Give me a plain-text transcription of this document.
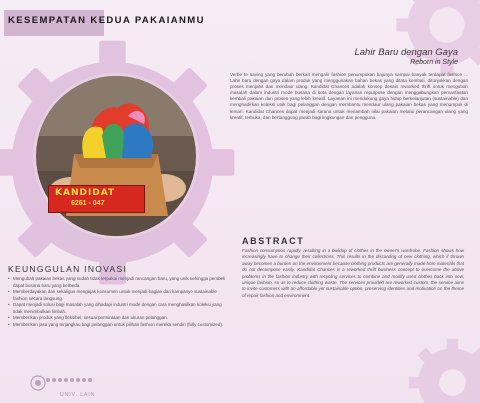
KESEMPATAN KEDUA PAKAIANMU
KANDIDAT
6261 - 047
Lahir Baru dengan Gaya
Reborn in Style
Verbe te saving yang berubah berkait mengalir fashion penumpukan bajunya sampai banyak terdapat fashion ... Lahir baru dengan gaya dalam produk yang menggunakan bahan bekas yang ditata kembali, ditunjukkan dengan proses menjahit dan mendaur ulang. Kandidat Chances adalah konsep desain reworked thrift untuk mengubah masalah dalam industri mode busana di kota dengan layanan repurpose dengan menggabungkan pemanfaatan kembali pakaian dan proses yang lebih kreatif. Layanan ini mendukung gaya hidup berkelanjutan (sustainable) dan menghadirkan koleksi unik bagi pelanggan dengan membantu mendaur ulang pakaian bekas yang menumpuk di lemari. Kandidat Chances dapat menjadi sarana untuk menambah nilai pakaian melalui perancangan ulang yang kreatif, terbuka, dan bertanggung jawab bagi lingkungan dan pengguna.
ABSTRACT
Fashion consumption rapidly, resulting in a buildup of clothes in the owner's wardrobe. Fashion shows how increasingly have to change their collections. This results in the discarding of new clothing, which if thrown away becomes a burden on the environment because clothing products are generally made from materials that do not decompose easily. Kandidat Chances is a reworked thrift business concept to overcome the above problems in the fashion industry with recycling services to combine and modify used clothes back into new, unique fashion, so as to reduce clothing waste. The services provided are reworked custom, the service aims to invite customers with an affordable yet sustainable option, preserving identities and motivation on the theme of repair fashion and environment.
KEUNGGULAN INOVASI
• Mengubah pakaian bekas yang sudah tidak terpakai menjadi rancangan baru, yang unik sehingga pembeli dapat busana baru yang berbeda.
• Memberdayakan dan sekaligus mengajak konsumen untuk menjadi bagian dari kampanye sustainable fashion secara langsung.
• Dapat menjadi solusi bagi masalah yang dihadapi industri mode dengan cara menghasilkan koleksi yang tidak menimbulkan limbah.
• Memberikan produk yang fleksibel, sesuai permintaan dan ukuran pelanggan.
• Memberikan jasa yang terjangkau bagi pelanggan untuk pilihan fashion mereka sendiri (fully customized).
UNIV. LAIN
